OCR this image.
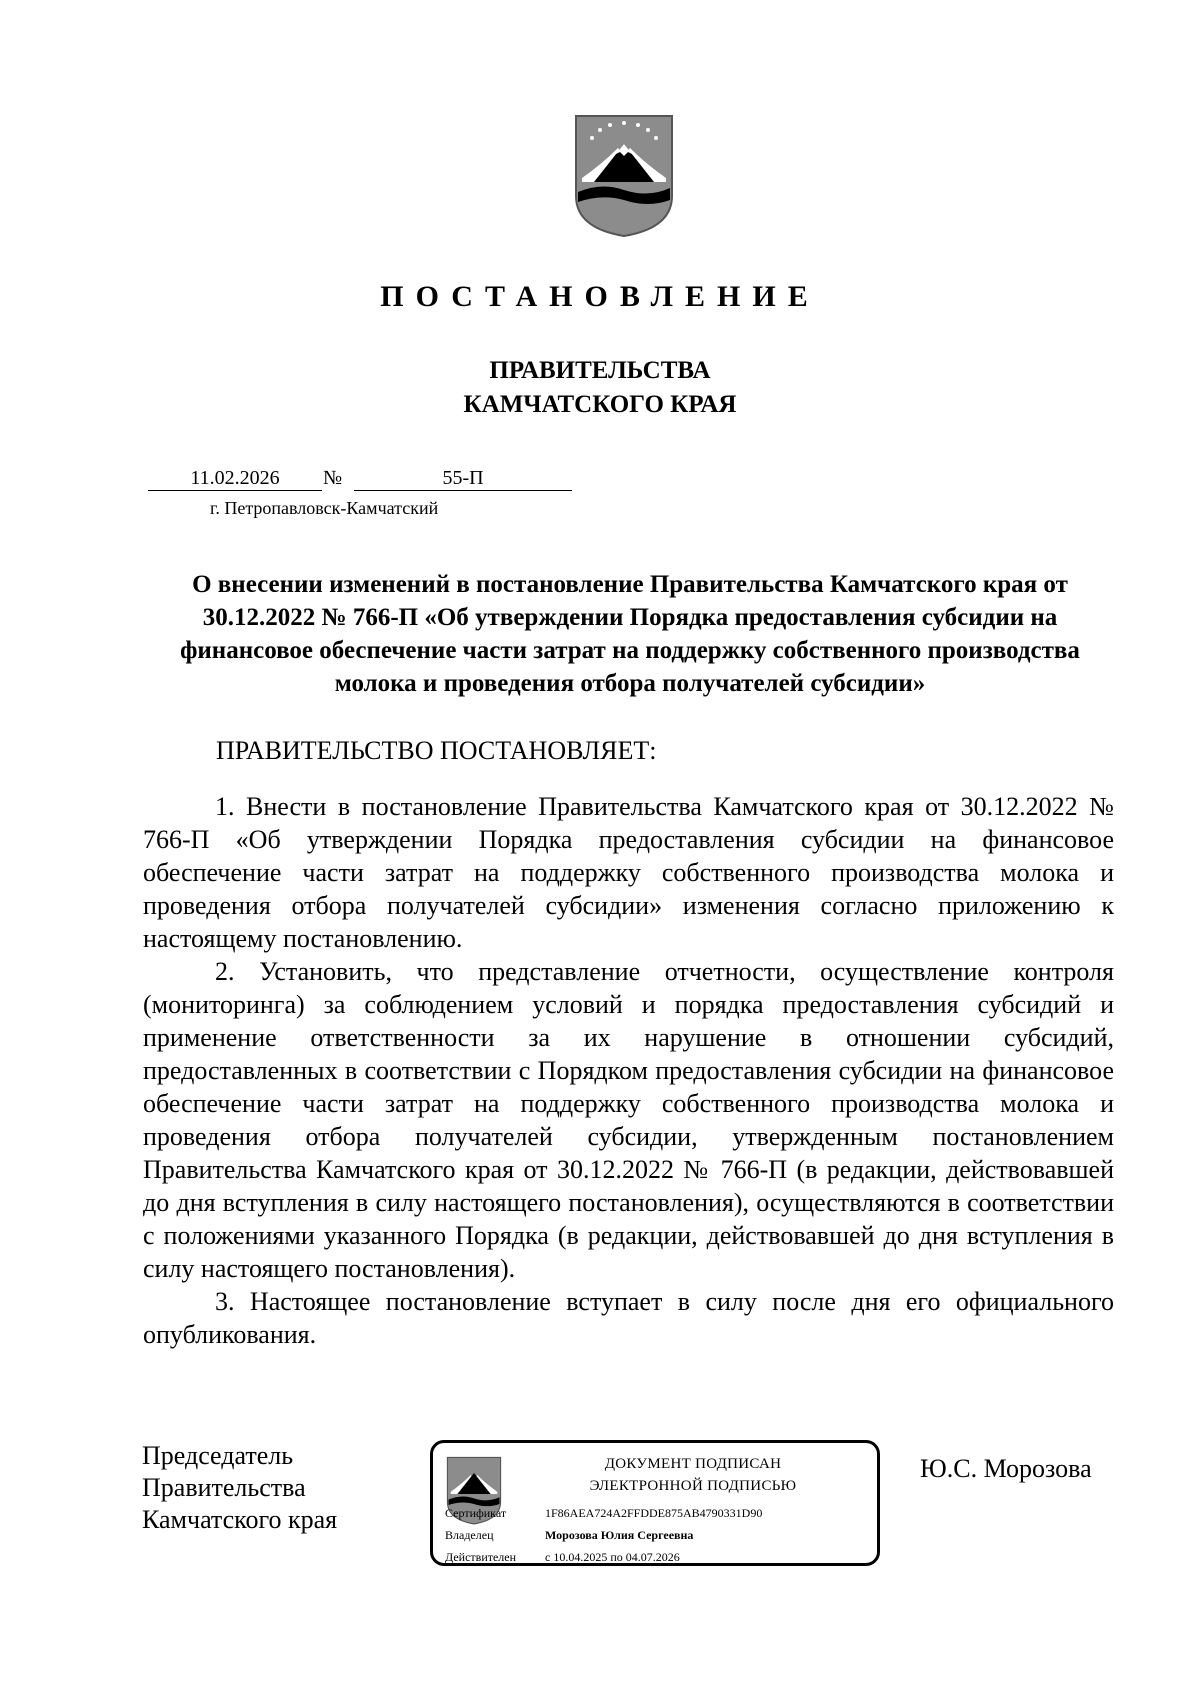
ПОСТАНОВЛЕНИЕ
ПРАВИТЕЛЬСТВА
КАМЧАТСКОГО КРАЯ
11.02.2026	№	55-П
г. Петропавловск-Камчатский
О внесении изменений в постановление Правительства Камчатского края от 30.12.2022 № 766-П «Об утверждении Порядка предоставления субсидии на финансовое обеспечение части затрат на поддержку собственного производства молока и проведения отбора получателей субсидии»
ПРАВИТЕЛЬСТВО ПОСТАНОВЛЯЕТ:

1. Внести в постановление Правительства Камчатского края от 30.12.2022 № 766-П «Об утверждении Порядка предоставления субсидии на финансовое обеспечение части затрат на поддержку собственного производства молока и проведения отбора получателей субсидии» изменения согласно приложению к настоящему постановлению.

2. Установить, что представление отчетности, осуществление контроля (мониторинга) за соблюдением условий и порядка предоставления субсидий и применение ответственности за их нарушение в отношении субсидий, предоставленных в соответствии с Порядком предоставления субсидии на финансовое обеспечение части затрат на поддержку собственного производства молока и проведения отбора получателей субсидии, утвержденным постановлением Правительства Камчатского края от 30.12.2022 № 766-П (в редакции, действовавшей до дня вступления в силу настоящего постановления), осуществляются в соответствии с положениями указанного Порядка (в редакции, действовавшей до дня вступления в силу настоящего постановления).

3. Настоящее постановление вступает в силу после дня его официального опубликования.

Председатель
Правительства
Камчатского края
ДОКУМЕНТ ПОДПИСАН
ЭЛЕКТРОННОЙ ПОДПИСЬЮ
Сертификат	1F86AEA724A2FFDDE875AB4790331D90
Владелец	Морозова Юлия Сергеевна
Действителен с 10.04.2025 по 04.07.2026
Ю.С. Морозова
